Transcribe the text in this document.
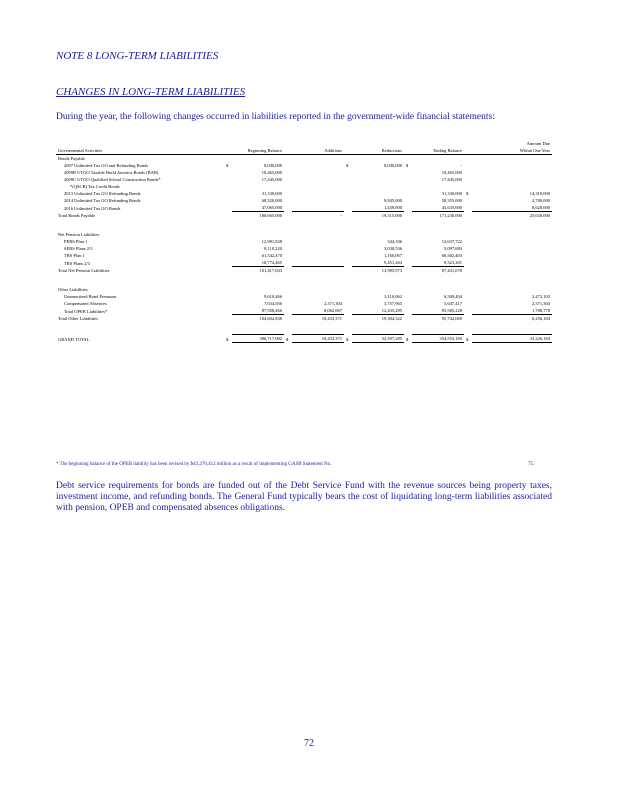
NOTE 8 LONG-TERM LIABILITIES
CHANGES IN LONG-TERM LIABILITIES
During the year, the following changes occurred in liabilities reported in the government-wide financial statements:
										Amount Due
Governmental Activities		Beginning Balance		Additions		Reductions		Ending Balance		Within One Year
Bonds Payable										
2007 Unlimited Tax GO and Refunding Bonds	$	8,040,000			$	8,040,000	$	-		
2009B UTGO Taxable Build America Bonds (BAB)		10,465,000						10,465,000		
2009C UTGO Qualified School Construction Bonds*		17,445,000						17,445,000		
*(QSCB) Tax Credit Bonds										
2013 Unlimited Tax GO Refunding Bonds		31,330,000						31,330,000	$	14,310,000
2014 Unlimited Tax GO Refunding Bonds		68,320,000				9,845,000		58,355,000		2,700,000
2016 Unlimited Tax GO Bonds		47,065,000				1,430,000		45,635,000		8,620,000
Total Bonds Payable		180,665,000		-		19,315,000		171,230,000		25,630,000

Net Pension Liabilities										
PERS Plan 1		12,981,828				344,106		12,637,722		
SERS Plans 2/3		8,110,220				3,030,536		5,097,684		
TRS Plan 1		61,542,470				1,160,067		60,382,403		
TRS Plans 2/3		18,774,465				9,451,264		9,323,201		
Total Net Pension Liabilities		101,417,043				13,985,973		87,431,070		

Other Liabilities										
Unamortized Bond Premium		9,610,466				3,110,062		6,500,404		2,472,102
Compensated Absences		7,034,056		2,371,304		3,757,963		5,647,417		2,371,304
Total OPEB Liabilities*		87,958,466		8,062,067		12,435,285		83,585,228		1,708,778
Total Other Liabilities		104,602,838		10,433,371		19,304,322		95,742,069		6,256,184

GRAND TOTAL	$	386,717,082	$	10,433,371	$	52,597,285	$	354,553,169	$	32,226,184
* The beginning balance of the OPEB liability has been revised by $43,270,412 million as a result of implementing GASB Statement No.	75.
Debt service requirements for bonds are funded out of the Debt Service Fund with the revenue sources being property taxes, investment income, and refunding bonds. The General Fund typically bears the cost of liquidating long-term liabilities associated with pension, OPEB and compensated absences obligations.
72
